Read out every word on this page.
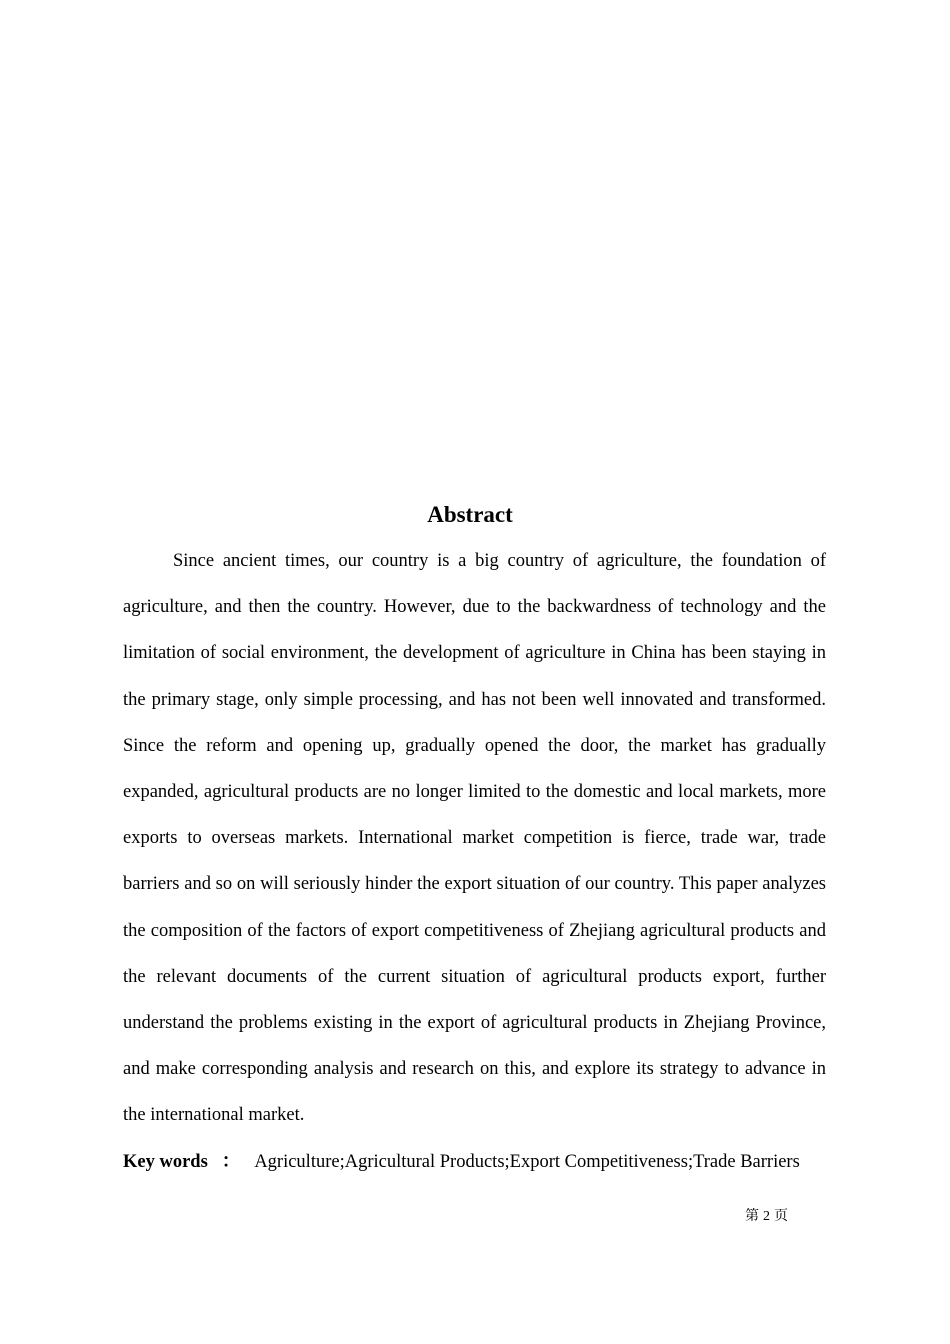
Abstract

Since ancient times, our country is a big country of agriculture, the foundation of agriculture, and then the country. However, due to the backwardness of technology and the limitation of social environment, the development of agriculture in China has been staying in the primary stage, only simple processing, and has not been well innovated and transformed. Since the reform and opening up, gradually opened the door, the market has gradually expanded, agricultural products are no longer limited to the domestic and local markets, more exports to overseas markets. International market competition is fierce, trade war, trade barriers and so on will seriously hinder the export situation of our country. This paper analyzes the composition of the factors of export competitiveness of Zhejiang agricultural products and the relevant documents of the current situation of agricultural products export, further understand the problems existing in the export of agricultural products in Zhejiang Province, and make corresponding analysis and research on this, and explore its strategy to advance in the international market.

Key words ： Agriculture;Agricultural Products;Export Competitiveness;Trade Barriers
第 2 页
